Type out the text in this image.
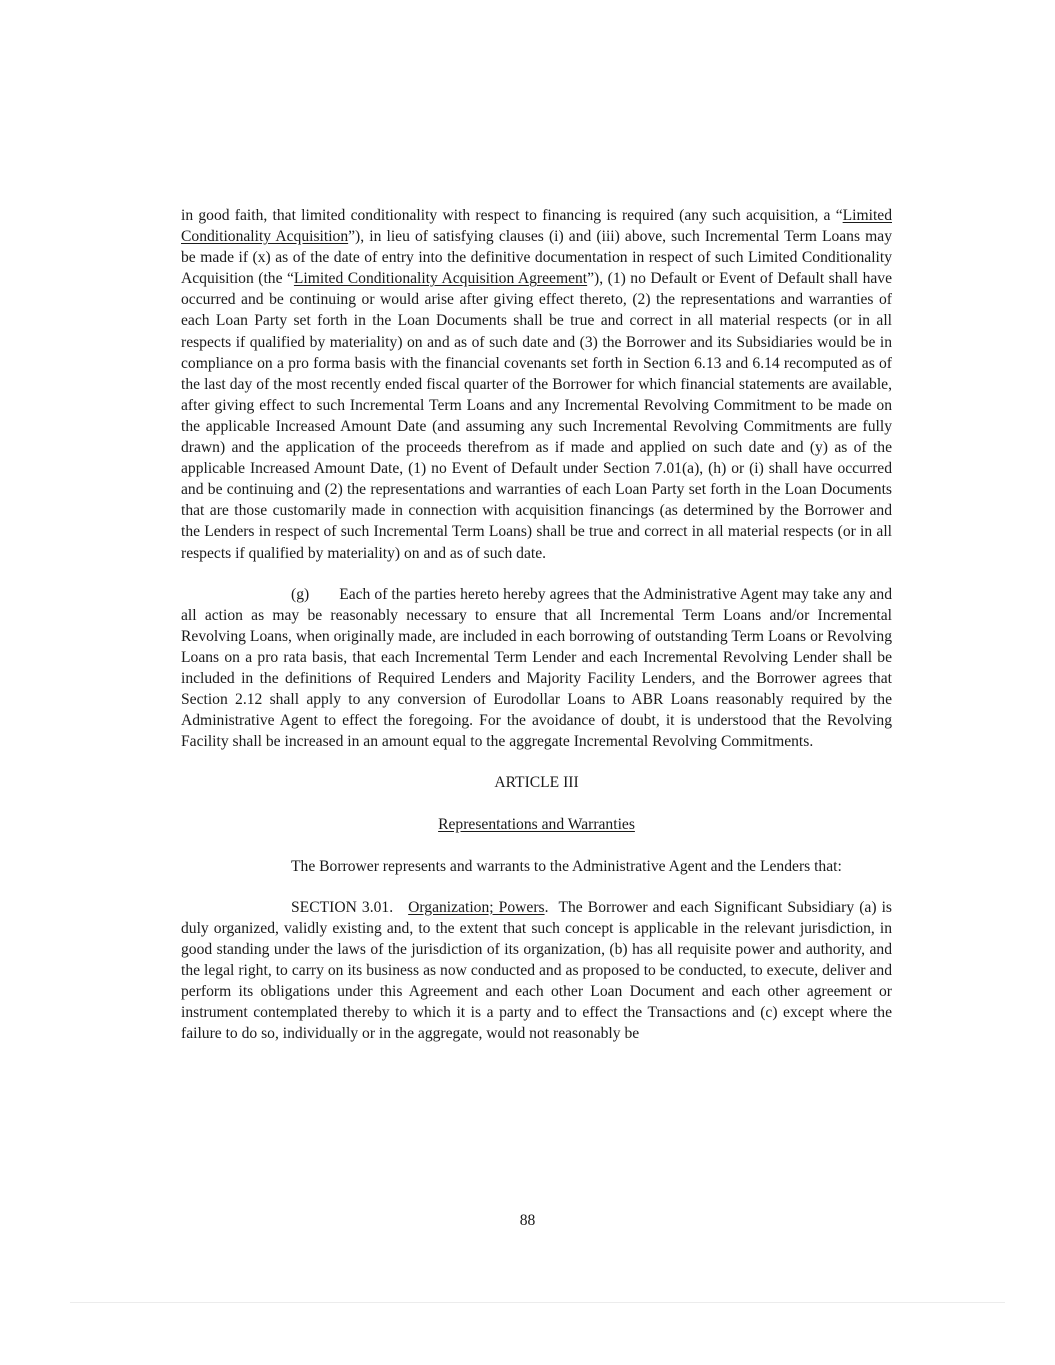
in good faith, that limited conditionality with respect to financing is required (any such acquisition, a “Limited Conditionality Acquisition”), in lieu of satisfying clauses (i) and (iii) above, such Incremental Term Loans may be made if (x) as of the date of entry into the definitive documentation in respect of such Limited Conditionality Acquisition (the “Limited Conditionality Acquisition Agreement”), (1) no Default or Event of Default shall have occurred and be continuing or would arise after giving effect thereto, (2) the representations and warranties of each Loan Party set forth in the Loan Documents shall be true and correct in all material respects (or in all respects if qualified by materiality) on and as of such date and (3) the Borrower and its Subsidiaries would be in compliance on a pro forma basis with the financial covenants set forth in Section 6.13 and 6.14 recomputed as of the last day of the most recently ended fiscal quarter of the Borrower for which financial statements are available, after giving effect to such Incremental Term Loans and any Incremental Revolving Commitment to be made on the applicable Increased Amount Date (and assuming any such Incremental Revolving Commitments are fully drawn) and the application of the proceeds therefrom as if made and applied on such date and (y) as of the applicable Increased Amount Date, (1) no Event of Default under Section 7.01(a), (h) or (i) shall have occurred and be continuing and (2) the representations and warranties of each Loan Party set forth in the Loan Documents that are those customarily made in connection with acquisition financings (as determined by the Borrower and the Lenders in respect of such Incremental Term Loans) shall be true and correct in all material respects (or in all respects if qualified by materiality) on and as of such date.

(g) Each of the parties hereto hereby agrees that the Administrative Agent may take any and all action as may be reasonably necessary to ensure that all Incremental Term Loans and/or Incremental Revolving Loans, when originally made, are included in each borrowing of outstanding Term Loans or Revolving Loans on a pro rata basis, that each Incremental Term Lender and each Incremental Revolving Lender shall be included in the definitions of Required Lenders and Majority Facility Lenders, and the Borrower agrees that Section 2.12 shall apply to any conversion of Eurodollar Loans to ABR Loans reasonably required by the Administrative Agent to effect the foregoing. For the avoidance of doubt, it is understood that the Revolving Facility shall be increased in an amount equal to the aggregate Incremental Revolving Commitments.

ARTICLE III

Representations and Warranties

The Borrower represents and warrants to the Administrative Agent and the Lenders that:

SECTION 3.01. Organization; Powers. The Borrower and each Significant Subsidiary (a) is duly organized, validly existing and, to the extent that such concept is applicable in the relevant jurisdiction, in good standing under the laws of the jurisdiction of its organization, (b) has all requisite power and authority, and the legal right, to carry on its business as now conducted and as proposed to be conducted, to execute, deliver and perform its obligations under this Agreement and each other Loan Document and each other agreement or instrument contemplated thereby to which it is a party and to effect the Transactions and (c) except where the failure to do so, individually or in the aggregate, would not reasonably be

88
